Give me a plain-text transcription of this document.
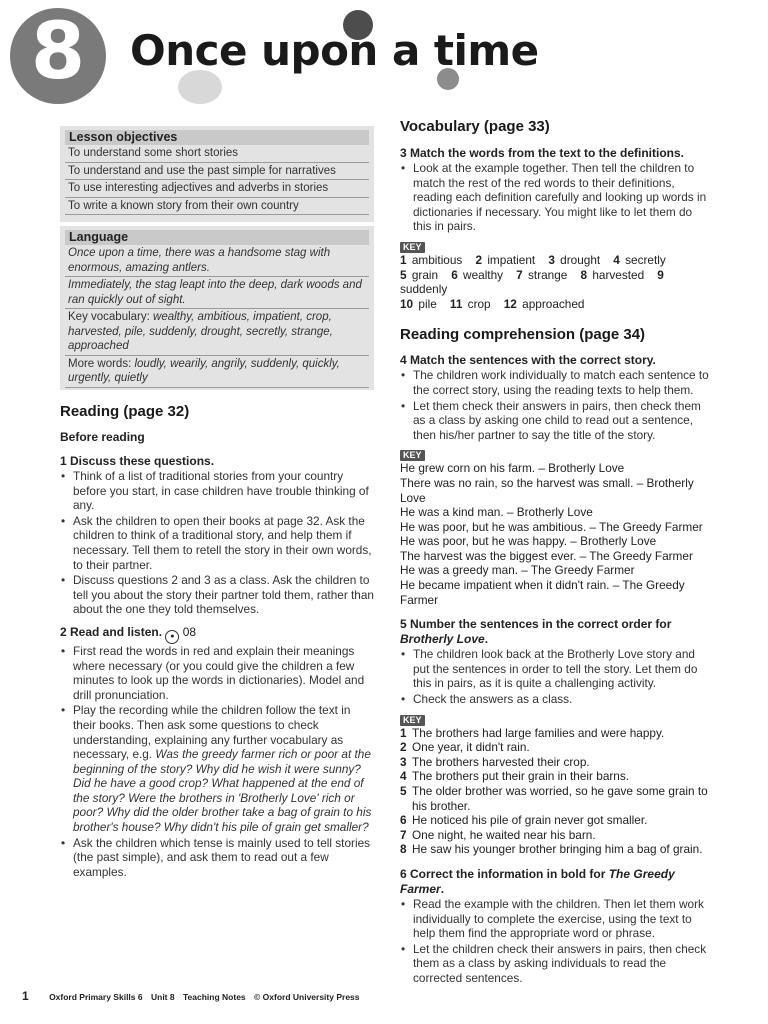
8	Once upon a time
Lesson objectives
To understand some short stories
To understand and use the past simple for narratives
To use interesting adjectives and adverbs in stories
To write a known story from their own country
Language
Once upon a time, there was a handsome stag with enormous, amazing antlers.
Immediately, the stag leapt into the deep, dark woods and ran quickly out of sight.
Key vocabulary: wealthy, ambitious, impatient, crop, harvested, pile, suddenly, drought, secretly, strange, approached
More words: loudly, wearily, angrily, suddenly, quickly, urgently, quietly
Reading (page 32)
Before reading
1 Discuss these questions.
• Think of a list of traditional stories from your country before you start, in case children have trouble thinking of any.
• Ask the children to open their books at page 32. Ask the children to think of a traditional story, and help them if necessary. Tell them to retell the story in their own words, to their partner.
• Discuss questions 2 and 3 as a class. Ask the children to tell you about the story their partner told them, rather than about the one they told themselves.
2 Read and listen. ● 08
• First read the words in red and explain their meanings where necessary (or you could give the children a few minutes to look up the words in dictionaries). Model and drill pronunciation.
• Play the recording while the children follow the text in their books. Then ask some questions to check understanding, explaining any further vocabulary as necessary, e.g. Was the greedy farmer rich or poor at the beginning of the story? Why did he wish it were sunny? Did he have a good crop? What happened at the end of the story? Were the brothers in 'Brotherly Love' rich or poor? Why did the older brother take a bag of grain to his brother's house? Why didn't his pile of grain get smaller?
• Ask the children which tense is mainly used to tell stories (the past simple), and ask them to read out a few examples.
Vocabulary (page 33)
3 Match the words from the text to the definitions.
• Look at the example together. Then tell the children to match the rest of the red words to their definitions, reading each definition carefully and looking up words in dictionaries if necessary. You might like to let them do this in pairs.
KEY
1 ambitious 2 impatient 3 drought 4 secretly
5 grain 6 wealthy 7 strange 8 harvested 9 suddenly
10 pile 11 crop 12 approached
Reading comprehension (page 34)
4 Match the sentences with the correct story.
• The children work individually to match each sentence to the correct story, using the reading texts to help them.
• Let them check their answers in pairs, then check them as a class by asking one child to read out a sentence, then his/her partner to say the title of the story.
KEY
He grew corn on his farm. – Brotherly Love
There was no rain, so the harvest was small. – Brotherly Love
He was a kind man. – Brotherly Love
He was poor, but he was ambitious. – The Greedy Farmer
He was poor, but he was happy. – Brotherly Love
The harvest was the biggest ever. – The Greedy Farmer
He was a greedy man. – The Greedy Farmer
He became impatient when it didn't rain. – The Greedy Farmer
5 Number the sentences in the correct order for Brotherly Love.
• The children look back at the Brotherly Love story and put the sentences in order to tell the story. Let them do this in pairs, as it is quite a challenging activity.
• Check the answers as a class.
KEY
1 The brothers had large families and were happy.
2 One year, it didn't rain.
3 The brothers harvested their crop.
4 The brothers put their grain in their barns.
5 The older brother was worried, so he gave some grain to his brother.
6 He noticed his pile of grain never got smaller.
7 One night, he waited near his barn.
8 He saw his younger brother bringing him a bag of grain.
6 Correct the information in bold for The Greedy Farmer.
• Read the example with the children. Then let them work individually to complete the exercise, using the text to help them find the appropriate word or phrase.
• Let the children check their answers in pairs, then check them as a class by asking individuals to read the corrected sentences.
1 Oxford Primary Skills 6 Unit 8 Teaching Notes © Oxford University Press
